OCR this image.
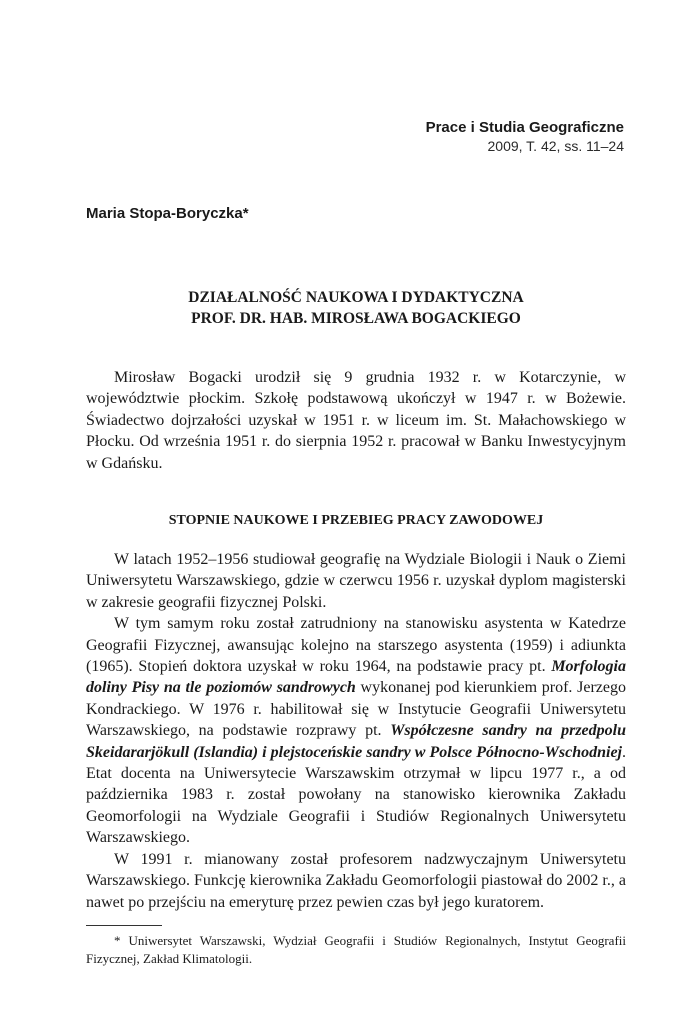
Prace i Studia Geograficzne
2009, T. 42, ss. 11–24
Maria Stopa-Boryczka*
DZIAŁALNOŚĆ NAUKOWA I DYDAKTYCZNA
PROF. DR. HAB. MIROSŁAWA BOGACKIEGO

Mirosław Bogacki urodził się 9 grudnia 1932 r. w Kotarczynie, w województwie płockim. Szkołę podstawową ukończył w 1947 r. w Bożewie. Świadectwo dojrzałości uzyskał w 1951 r. w liceum im. St. Małachowskiego w Płocku. Od września 1951 r. do sierpnia 1952 r. pracował w Banku Inwestycyjnym w Gdańsku.

STOPNIE NAUKOWE I PRZEBIEG PRACY ZAWODOWEJ

W latach 1952–1956 studiował geografię na Wydziale Biologii i Nauk o Ziemi Uniwersytetu Warszawskiego, gdzie w czerwcu 1956 r. uzyskał dyplom magisterski w zakresie geografii fizycznej Polski.

W tym samym roku został zatrudniony na stanowisku asystenta w Katedrze Geografii Fizycznej, awansując kolejno na starszego asystenta (1959) i adiunkta (1965). Stopień doktora uzyskał w roku 1964, na podstawie pracy pt. Morfologia doliny Pisy na tle poziomów sandrowych wykonanej pod kierunkiem prof. Jerzego Kondrackiego. W 1976 r. habilitował się w Instytucie Geografii Uniwersytetu Warszawskiego, na podstawie rozprawy pt. Współczesne sandry na przedpolu Skeidararjökull (Islandia) i plejstoceńskie sandry w Polsce Północno-Wschodniej. Etat docenta na Uniwersytecie Warszawskim otrzymał w lipcu 1977 r., a od października 1983 r. został powołany na stanowisko kierownika Zakładu Geomorfologii na Wydziale Geografii i Studiów Regionalnych Uniwersytetu Warszawskiego.

W 1991 r. mianowany został profesorem nadzwyczajnym Uniwersytetu Warszawskiego. Funkcję kierownika Zakładu Geomorfologii piastował do 2002 r., a nawet po przejściu na emeryturę przez pewien czas był jego kuratorem.

* Uniwersytet Warszawski, Wydział Geografii i Studiów Regionalnych, Instytut Geografii Fizycznej, Zakład Klimatologii.
